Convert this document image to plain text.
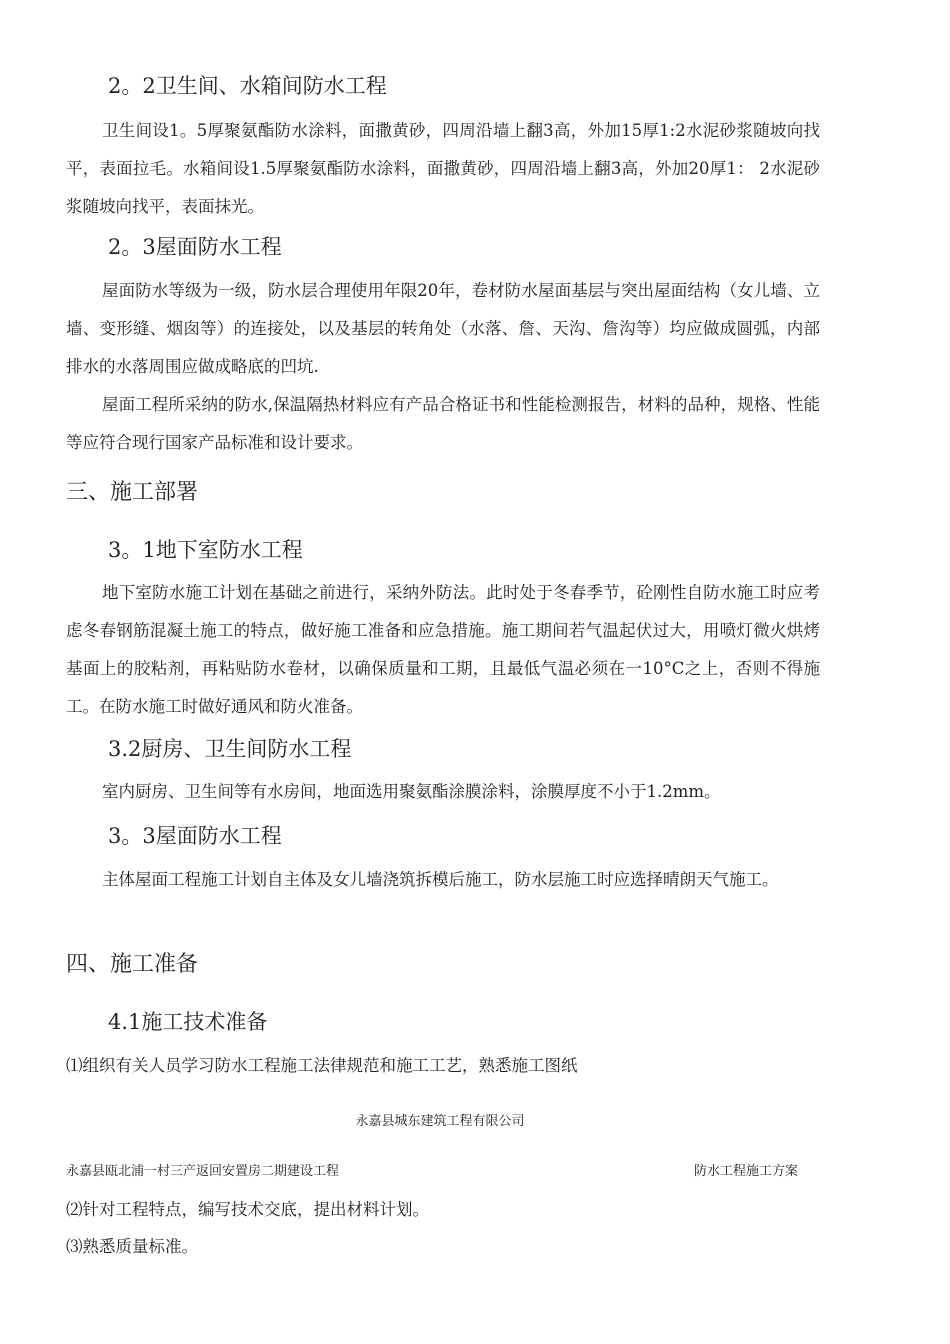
2。2卫生间、水箱间防水工程
卫生间设1。5厚聚氨酯防水涂料，面撒黄砂，四周沿墙上翻3高，外加15厚1:2水泥砂浆随坡向找平，表面拉毛。水箱间设1.5厚聚氨酯防水涂料，面撒黄砂，四周沿墙上翻3高，外加20厚1： 2水泥砂浆随坡向找平，表面抹光。
2。3屋面防水工程
屋面防水等级为一级，防水层合理使用年限20年，卷材防水屋面基层与突出屋面结构（女儿墙、立墙、变形缝、烟囱等）的连接处，以及基层的转角处（水落、詹、天沟、詹沟等）均应做成圆弧，内部排水的水落周围应做成略底的凹坑.
屋面工程所采纳的防水,保温隔热材料应有产品合格证书和性能检测报告，材料的品种，规格、性能等应符合现行国家产品标准和设计要求。
三、施工部署
3。1地下室防水工程
地下室防水施工计划在基础之前进行，采纳外防法。此时处于冬春季节，砼刚性自防水施工时应考虑冬春钢筋混凝土施工的特点，做好施工准备和应急措施。施工期间若气温起伏过大，用喷灯微火烘烤基面上的胶粘剂，再粘贴防水卷材，以确保质量和工期，且最低气温必须在一10°C之上，否则不得施工。在防水施工时做好通风和防火准备。
3.2厨房、卫生间防水工程
室内厨房、卫生间等有水房间，地面选用聚氨酯涂膜涂料，涂膜厚度不小于1.2mm。
3。3屋面防水工程
主体屋面工程施工计划自主体及女儿墙浇筑拆模后施工，防水层施工时应选择晴朗天气施工。
四、施工准备
4.1施工技术准备
⑴组织有关人员学习防水工程施工法律规范和施工工艺，熟悉施工图纸
永嘉县城东建筑工程有限公司
永嘉县瓯北浦一村三产返回安置房二期建设工程	防水工程施工方案
⑵针对工程特点，编写技术交底，提出材料计划。
⑶熟悉质量标准。
